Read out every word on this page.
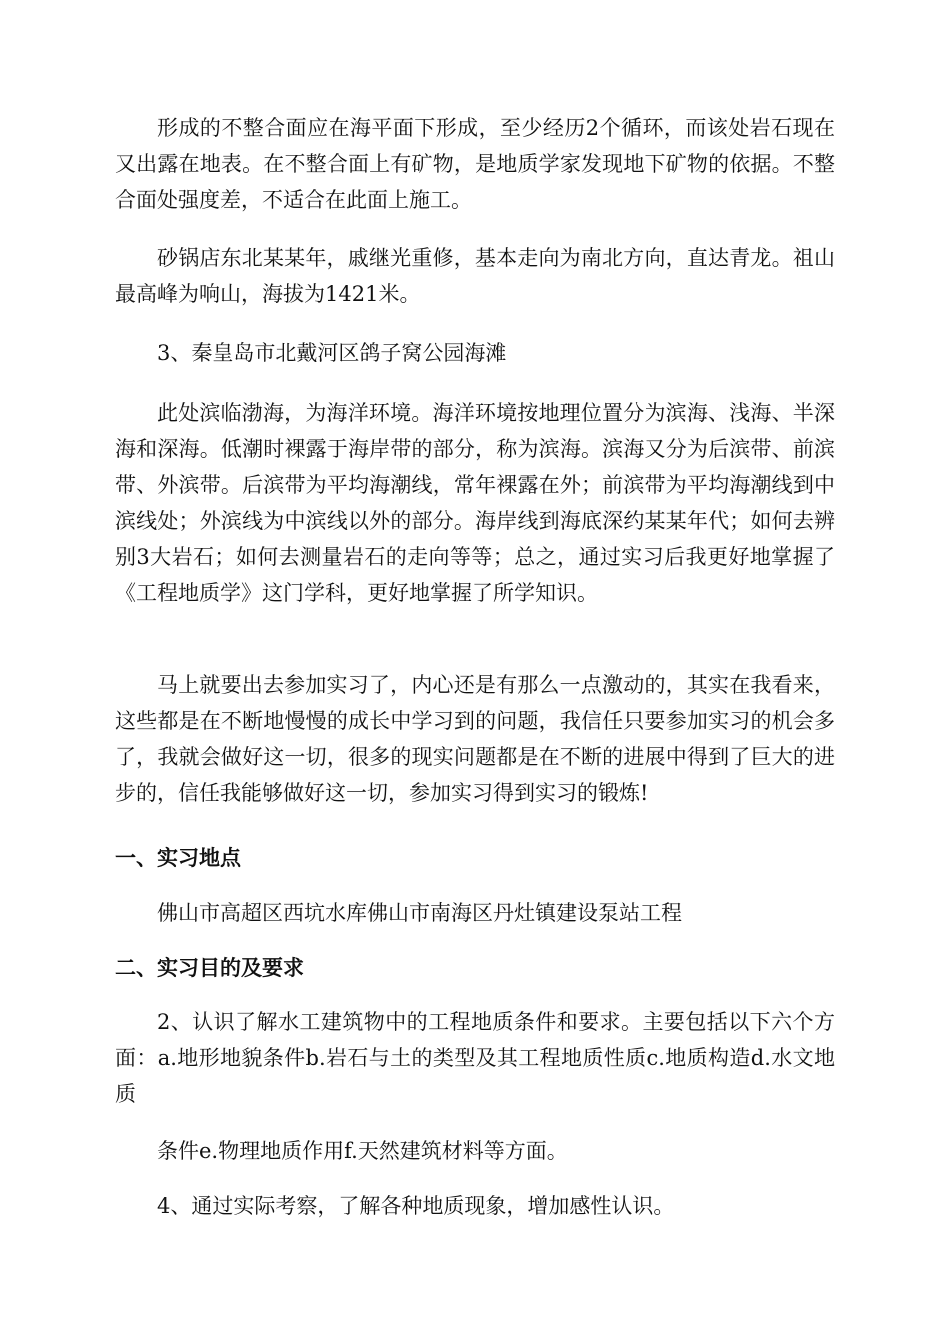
形成的不整合面应在海平面下形成，至少经历2个循环，而该处岩石现在又出露在地表。在不整合面上有矿物，是地质学家发现地下矿物的依据。不整合面处强度差，不适合在此面上施工。

砂锅店东北某某年，戚继光重修，基本走向为南北方向，直达青龙。祖山最高峰为响山，海拔为1421米。

3、秦皇岛市北戴河区鸽子窝公园海滩

此处滨临渤海，为海洋环境。海洋环境按地理位置分为滨海、浅海、半深海和深海。低潮时裸露于海岸带的部分，称为滨海。滨海又分为后滨带、前滨带、外滨带。后滨带为平均海潮线，常年裸露在外；前滨带为平均海潮线到中滨线处；外滨线为中滨线以外的部分。海岸线到海底深约某某年代；如何去辨别3大岩石；如何去测量岩石的走向等等；总之，通过实习后我更好地掌握了《工程地质学》这门学科，更好地掌握了所学知识。

马上就要出去参加实习了，内心还是有那么一点激动的，其实在我看来，这些都是在不断地慢慢的成长中学习到的问题，我信任只要参加实习的机会多了，我就会做好这一切，很多的现实问题都是在不断的进展中得到了巨大的进步的，信任我能够做好这一切，参加实习得到实习的锻炼!

一、实习地点

佛山市高超区西坑水库佛山市南海区丹灶镇建设泵站工程

二、实习目的及要求

2、认识了解水工建筑物中的工程地质条件和要求。主要包括以下六个方面：a.地形地貌条件b.岩石与土的类型及其工程地质性质c.地质构造d.水文地质

条件e.物理地质作用f.天然建筑材料等方面。

4、通过实际考察，了解各种地质现象，增加感性认识。
